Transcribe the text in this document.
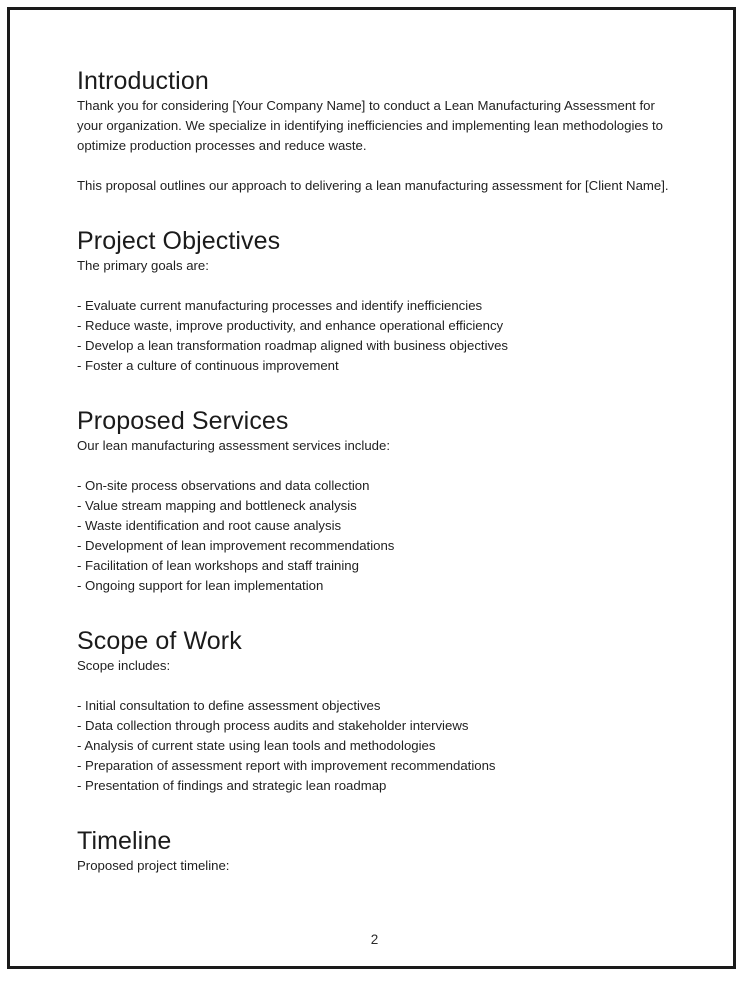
Introduction

Thank you for considering [Your Company Name] to conduct a Lean Manufacturing Assessment for your organization. We specialize in identifying inefficiencies and implementing lean methodologies to optimize production processes and reduce waste.

This proposal outlines our approach to delivering a lean manufacturing assessment for [Client Name].

Project Objectives

The primary goals are:

- Evaluate current manufacturing processes and identify inefficiencies
- Reduce waste, improve productivity, and enhance operational efficiency
- Develop a lean transformation roadmap aligned with business objectives
- Foster a culture of continuous improvement
Proposed Services

Our lean manufacturing assessment services include:

- On-site process observations and data collection
- Value stream mapping and bottleneck analysis
- Waste identification and root cause analysis
- Development of lean improvement recommendations
- Facilitation of lean workshops and staff training
- Ongoing support for lean implementation
Scope of Work

Scope includes:

- Initial consultation to define assessment objectives
- Data collection through process audits and stakeholder interviews
- Analysis of current state using lean tools and methodologies
- Preparation of assessment report with improvement recommendations
- Presentation of findings and strategic lean roadmap
Timeline

Proposed project timeline:

2
